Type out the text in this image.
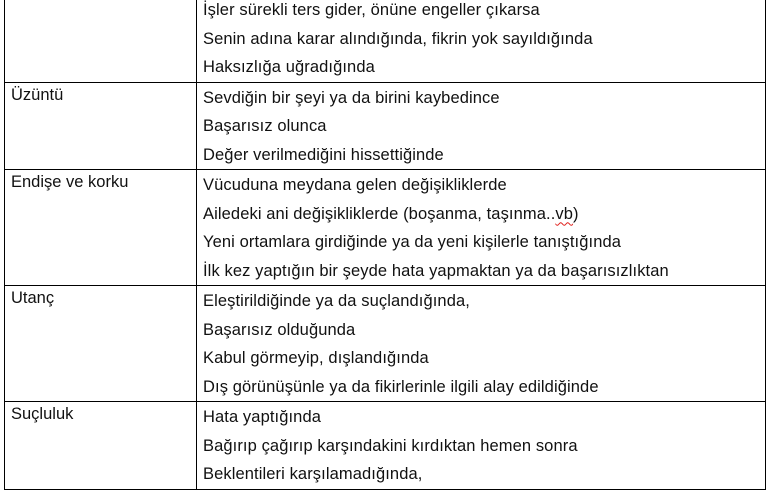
	İşler sürekli ters gider, önüne engeller çıkarsa
Senin adına karar alındığında, fikrin yok sayıldığında
Haksızlığa uğradığında

Üzüntü	Sevdiğin bir şeyi ya da birini kaybedince
Başarısız olunca
Değer verilmediğini hissettiğinde

Endişe ve korku	Vücuduna meydana gelen değişikliklerde
Ailedeki ani değişikliklerde (boşanma, taşınma..vb)
Yeni ortamlara girdiğinde ya da yeni kişilerle tanıştığında
İlk kez yaptığın bir şeyde hata yapmaktan ya da başarısızlıktan

Utanç	Eleştirildiğinde ya da suçlandığında,
Başarısız olduğunda
Kabul görmeyip, dışlandığında
Dış görünüşünle ya da fikirlerinle ilgili alay edildiğinde

Suçluluk	Hata yaptığında
Bağırıp çağırıp karşındakini kırdıktan hemen sonra
Beklentileri karşılamadığında,
